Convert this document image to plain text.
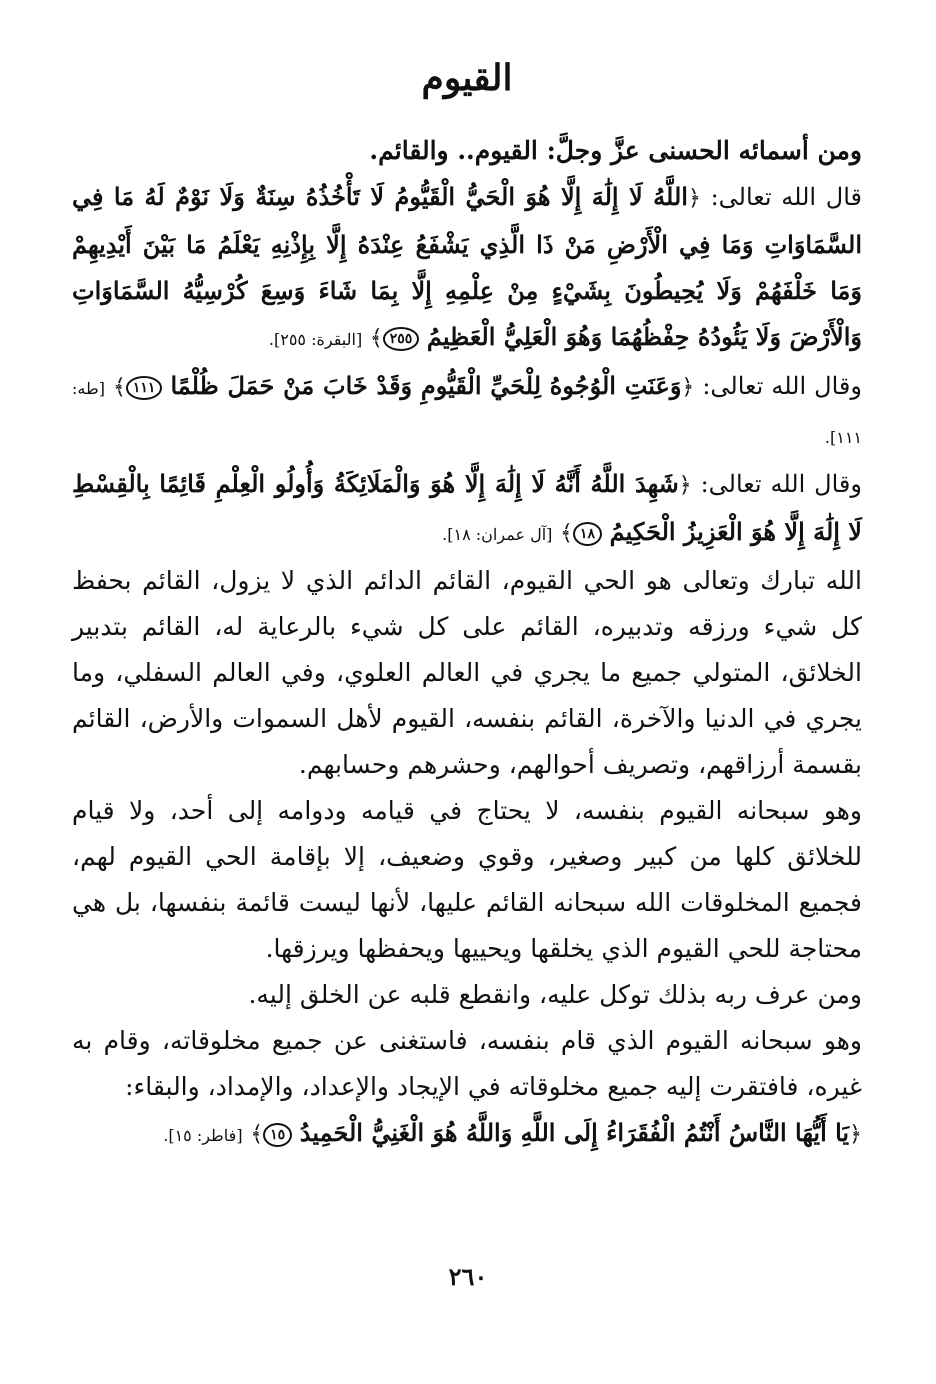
القيوم

ومن أسمائه الحسنى عزَّ وجلَّ: القيوم.. والقائم.

قال الله تعالى: ﴿اللَّهُ لَا إِلَٰهَ إِلَّا هُوَ الْحَيُّ الْقَيُّومُ لَا تَأْخُذُهُ سِنَةٌ وَلَا نَوْمٌ لَهُ مَا فِي السَّمَاوَاتِ وَمَا فِي الْأَرْضِ مَنْ ذَا الَّذِي يَشْفَعُ عِنْدَهُ إِلَّا بِإِذْنِهِ يَعْلَمُ مَا بَيْنَ أَيْدِيهِمْ وَمَا خَلْفَهُمْ وَلَا يُحِيطُونَ بِشَيْءٍ مِنْ عِلْمِهِ إِلَّا بِمَا شَاءَ وَسِعَ كُرْسِيُّهُ السَّمَاوَاتِ وَالْأَرْضَ وَلَا يَئُودُهُ حِفْظُهُمَا وَهُوَ الْعَلِيُّ الْعَظِيمُ ٢٥٥﴾ [البقرة: ٢٥٥].

وقال الله تعالى: ﴿وَعَنَتِ الْوُجُوهُ لِلْحَيِّ الْقَيُّومِ وَقَدْ خَابَ مَنْ حَمَلَ ظُلْمًا ١١١﴾ [طه: ١١١].

وقال الله تعالى: ﴿شَهِدَ اللَّهُ أَنَّهُ لَا إِلَٰهَ إِلَّا هُوَ وَالْمَلَائِكَةُ وَأُولُو الْعِلْمِ قَائِمًا بِالْقِسْطِ لَا إِلَٰهَ إِلَّا هُوَ الْعَزِيزُ الْحَكِيمُ ١٨﴾ [آل عمران: ١٨].

الله تبارك وتعالى هو الحي القيوم، القائم الدائم الذي لا يزول، القائم بحفظ كل شيء ورزقه وتدبيره، القائم على كل شيء بالرعاية له، القائم بتدبير الخلائق، المتولي جميع ما يجري في العالم العلوي، وفي العالم السفلي، وما يجري في الدنيا والآخرة، القائم بنفسه، القيوم لأهل السموات والأرض، القائم بقسمة أرزاقهم، وتصريف أحوالهم، وحشرهم وحسابهم.

وهو سبحانه القيوم بنفسه، لا يحتاج في قيامه ودوامه إلى أحد، ولا قيام للخلائق كلها من كبير وصغير، وقوي وضعيف، إلا بإقامة الحي القيوم لهم، فجميع المخلوقات الله سبحانه القائم عليها، لأنها ليست قائمة بنفسها، بل هي محتاجة للحي القيوم الذي يخلقها ويحييها ويحفظها ويرزقها.

ومن عرف ربه بذلك توكل عليه، وانقطع قلبه عن الخلق إليه.

وهو سبحانه القيوم الذي قام بنفسه، فاستغنى عن جميع مخلوقاته، وقام به غيره، فافتقرت إليه جميع مخلوقاته في الإيجاد والإعداد، والإمداد، والبقاء:

﴿يَا أَيُّهَا النَّاسُ أَنْتُمُ الْفُقَرَاءُ إِلَى اللَّهِ وَاللَّهُ هُوَ الْغَنِيُّ الْحَمِيدُ ١٥﴾ [فاطر: ١٥].

٢٦٠
